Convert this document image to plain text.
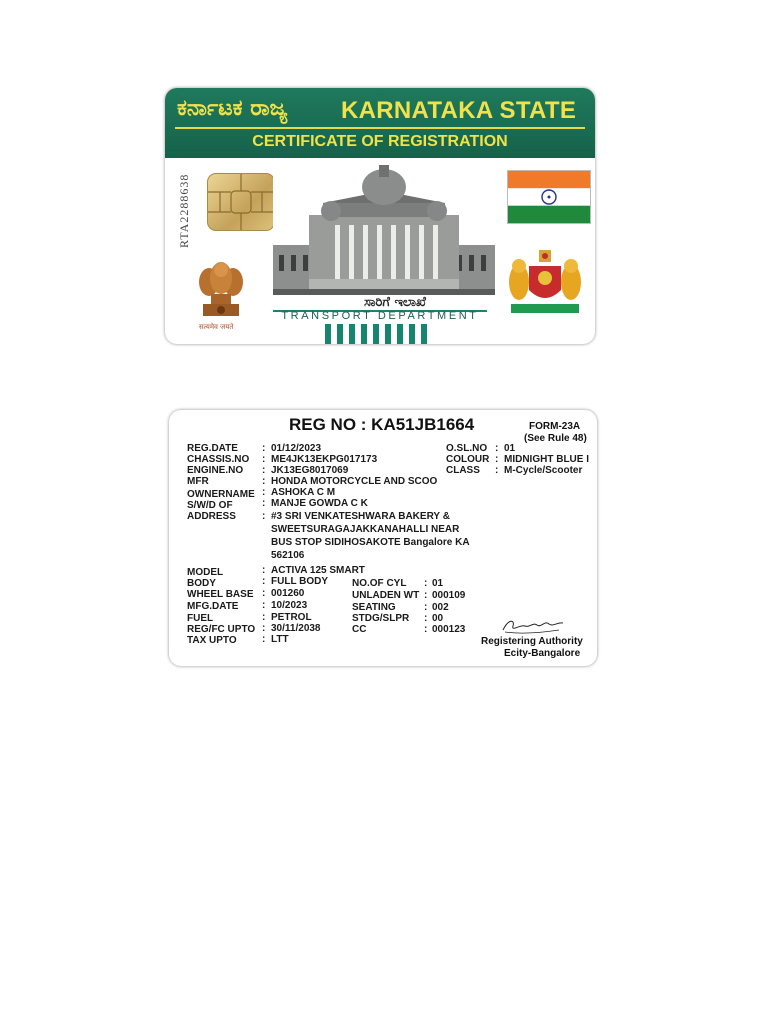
ಕರ್ನಾಟಕ ರಾಜ್ಯ KARNATAKA STATE
CERTIFICATE OF REGISTRATION
RTA2288638
सत्यमेव जयते
ಸಾರಿಗೆ ಇಲಾಖೆ
TRANSPORT DEPARTMENT
REG NO : KA51JB1664	FORM-23A
(See Rule 48)
REG.DATE : 01/12/2023
CHASSIS.NO : ME4JK13EKPG017173
ENGINE.NO : JK13EG8017069
MFR	: HONDA MOTORCYCLE AND SCOO
OWNERNAME : ASHOKA C M
S/W/D OF	: MANJE GOWDA C K
ADDRESS	: #3 SRI VENKATESHWARA BAKERY &
SWEETSURAGAJAKKANAHALLI NEAR
BUS STOP SIDIHOSAKOTE Bangalore KA
562106
O.SL.NO : 01
COLOUR : MIDNIGHT BLUE I
CLASS : M-Cycle/Scooter
MODEL	: ACTIVA 125 SMART
BODY	: FULL BODY
WHEEL BASE : 001260
MFG.DATE : 10/2023
FUEL	: PETROL
REG/FC UPTO : 30/11/2038
TAX UPTO	: LTT
NO.OF CYL : 01
UNLADEN WT : 000109
SEATING	: 002
STDG/SLPR : 00
CC	: 000123
Registering Authority
Ecity-Bangalore
